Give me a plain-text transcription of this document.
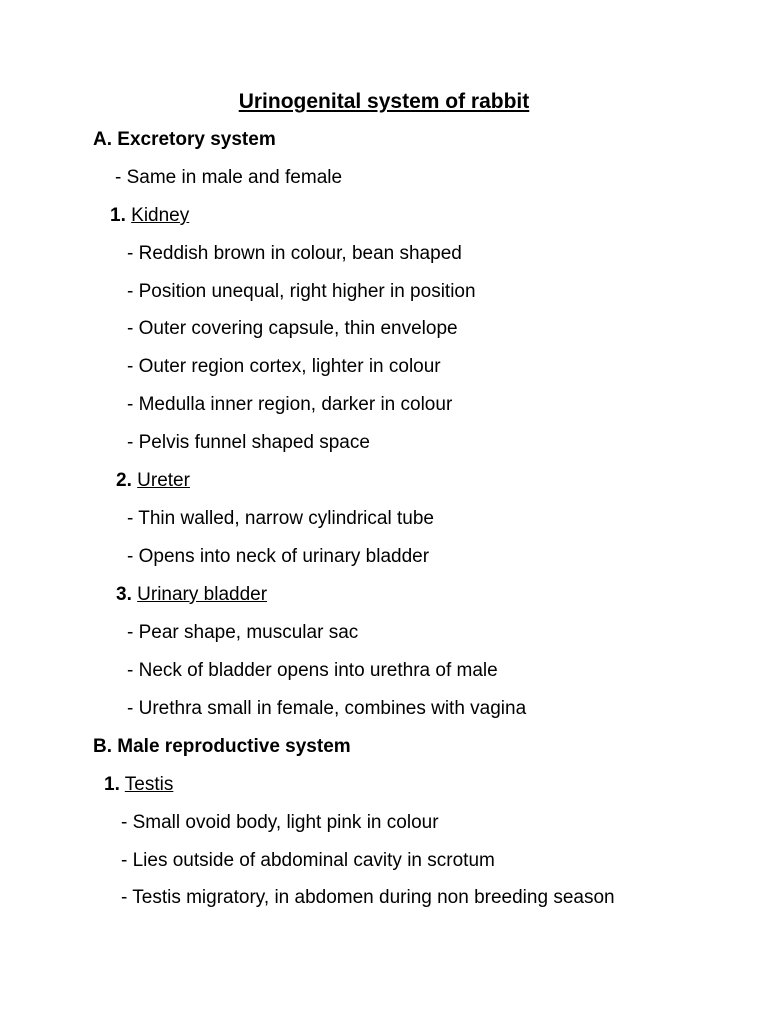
Urinogenital system of rabbit
A. Excretory system
- Same in male and female
1. Kidney
- Reddish brown in colour, bean shaped
- Position unequal, right higher in position
- Outer covering capsule, thin envelope
- Outer region cortex, lighter in colour
- Medulla inner region, darker in colour
- Pelvis funnel shaped space
2. Ureter
- Thin walled, narrow cylindrical tube
- Opens into neck of urinary bladder
3. Urinary bladder
- Pear shape, muscular sac
- Neck of bladder opens into urethra of male
- Urethra small in female, combines with vagina
B. Male reproductive system
1. Testis
- Small ovoid body, light pink in colour
- Lies outside of abdominal cavity in scrotum
- Testis migratory, in abdomen during non breeding season
